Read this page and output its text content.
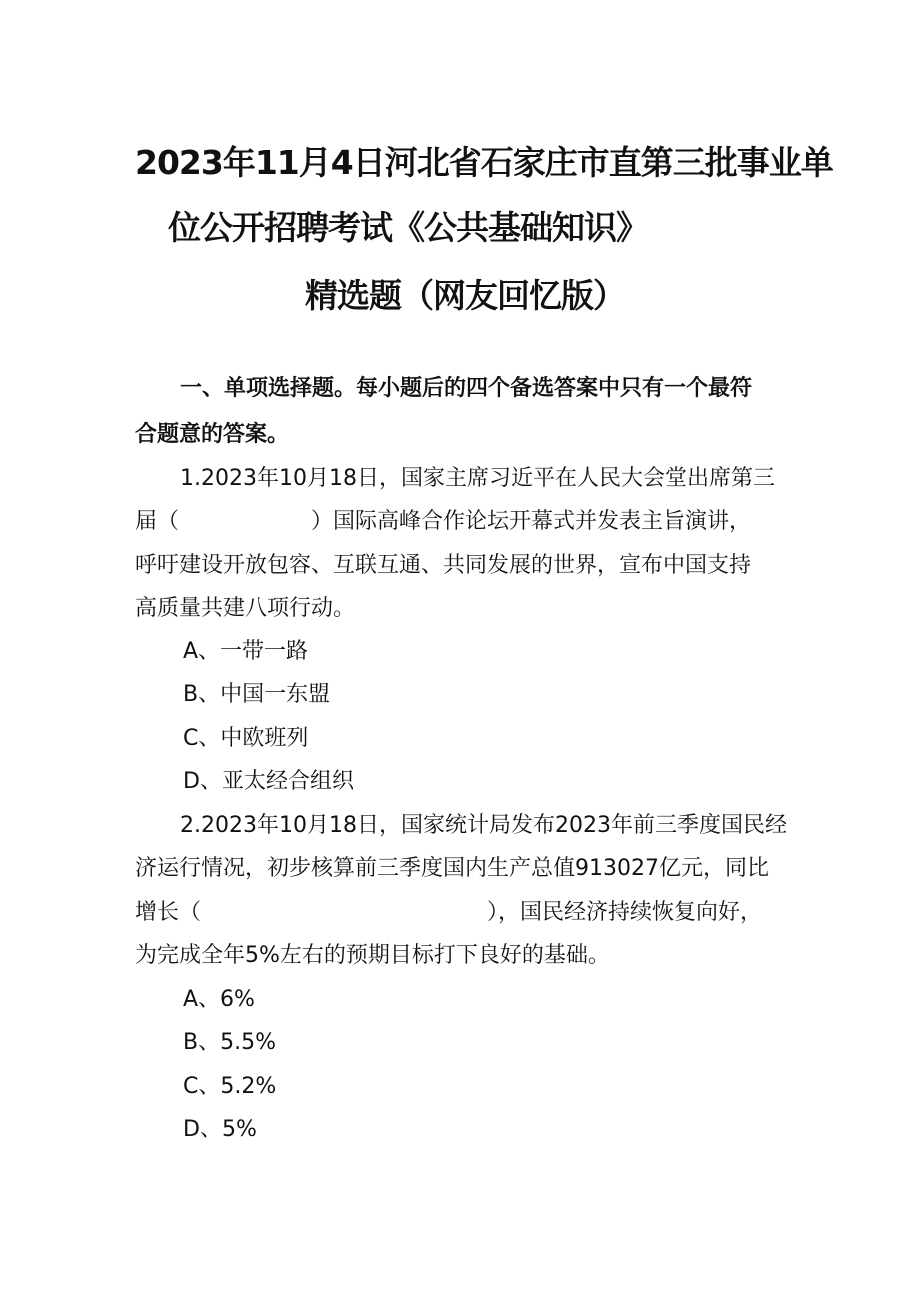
2023年11月4日河北省石家庄市直第三批事业单
位公开招聘考试《公共基础知识》
精选题（网友回忆版）
一、单项选择题。每小题后的四个备选答案中只有一个最符
合题意的答案。
1.2023年10月18日，国家主席习近平在人民大会堂出席第三
届（　　　　　　）国际高峰合作论坛开幕式并发表主旨演讲，
呼吁建设开放包容、互联互通、共同发展的世界，宣布中国支持
高质量共建八项行动。
A、一带一路
B、中国一东盟
C、中欧班列
D、亚太经合组织
2.2023年10月18日，国家统计局发布2023年前三季度国民经
济运行情况，初步核算前三季度国内生产总值913027亿元，同比
增长（　　　　　　　　　　　　　），国民经济持续恢复向好，
为完成全年5%左右的预期目标打下良好的基础。
A、6%
B、5.5%
C、5.2%
D、5%
